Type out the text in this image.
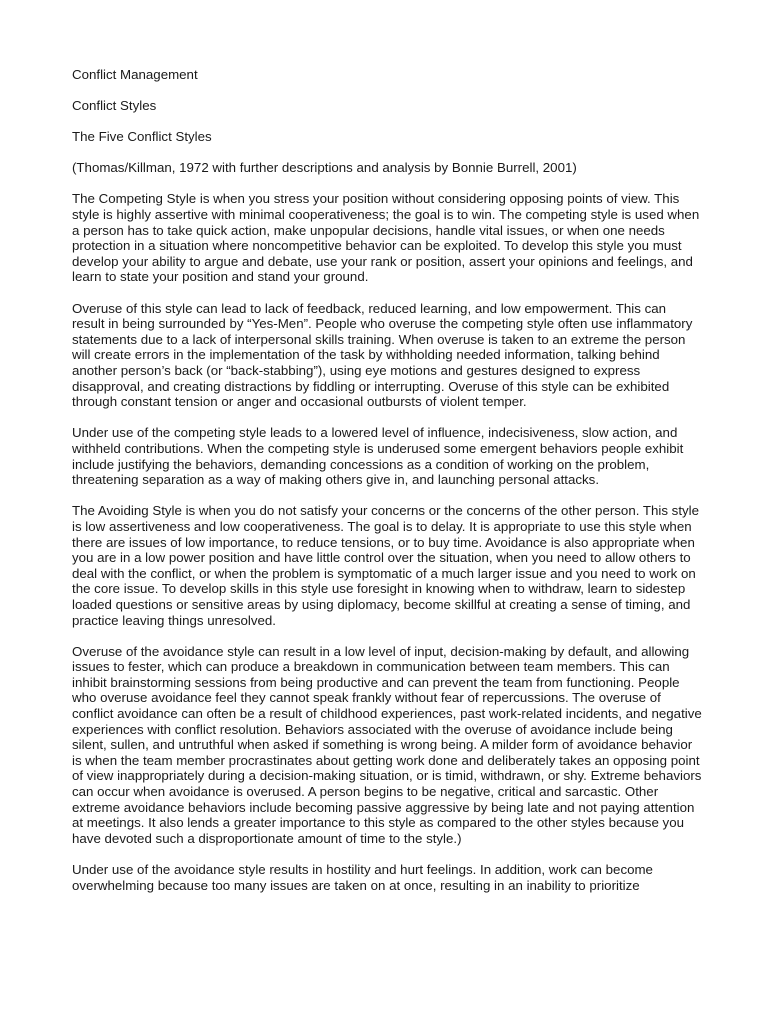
Conflict Management

Conflict Styles

The Five Conflict Styles

(Thomas/Killman, 1972 with further descriptions and analysis by Bonnie Burrell, 2001)

The Competing Style is when you stress your position without considering opposing points of view. This style is highly assertive with minimal cooperativeness; the goal is to win. The competing style is used when a person has to take quick action, make unpopular decisions, handle vital issues, or when one needs protection in a situation where noncompetitive behavior can be exploited. To develop this style you must develop your ability to argue and debate, use your rank or position, assert your opinions and feelings, and learn to state your position and stand your ground.

Overuse of this style can lead to lack of feedback, reduced learning, and low empowerment. This can result in being surrounded by “Yes-Men”. People who overuse the competing style often use inflammatory statements due to a lack of interpersonal skills training. When overuse is taken to an extreme the person will create errors in the implementation of the task by withholding needed information, talking behind another person’s back (or “back-stabbing”), using eye motions and gestures designed to express disapproval, and creating distractions by fiddling or interrupting. Overuse of this style can be exhibited through constant tension or anger and occasional outbursts of violent temper.

Under use of the competing style leads to a lowered level of influence, indecisiveness, slow action, and withheld contributions. When the competing style is underused some emergent behaviors people exhibit include justifying the behaviors, demanding concessions as a condition of working on the problem, threatening separation as a way of making others give in, and launching personal attacks.

The Avoiding Style is when you do not satisfy your concerns or the concerns of the other person. This style is low assertiveness and low cooperativeness. The goal is to delay. It is appropriate to use this style when there are issues of low importance, to reduce tensions, or to buy time. Avoidance is also appropriate when you are in a low power position and have little control over the situation, when you need to allow others to deal with the conflict, or when the problem is symptomatic of a much larger issue and you need to work on the core issue. To develop skills in this style use foresight in knowing when to withdraw, learn to sidestep loaded questions or sensitive areas by using diplomacy, become skillful at creating a sense of timing, and practice leaving things unresolved.

Overuse of the avoidance style can result in a low level of input, decision-making by default, and allowing issues to fester, which can produce a breakdown in communication between team members. This can inhibit brainstorming sessions from being productive and can prevent the team from functioning. People who overuse avoidance feel they cannot speak frankly without fear of repercussions. The overuse of conflict avoidance can often be a result of childhood experiences, past work-related incidents, and negative experiences with conflict resolution. Behaviors associated with the overuse of avoidance include being silent, sullen, and untruthful when asked if something is wrong being. A milder form of avoidance behavior is when the team member procrastinates about getting work done and deliberately takes an opposing point of view inappropriately during a decision-making situation, or is timid, withdrawn, or shy. Extreme behaviors can occur when avoidance is overused. A person begins to be negative, critical and sarcastic. Other extreme avoidance behaviors include becoming passive aggressive by being late and not paying attention at meetings. It also lends a greater importance to this style as compared to the other styles because you have devoted such a disproportionate amount of time to the style.)

Under use of the avoidance style results in hostility and hurt feelings. In addition, work can become overwhelming because too many issues are taken on at once, resulting in an inability to prioritize
